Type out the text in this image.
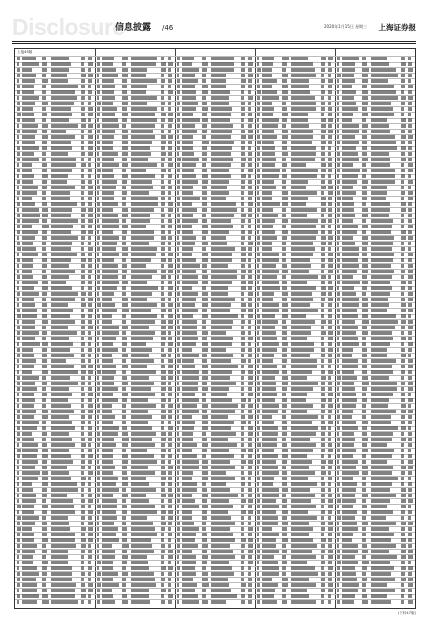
Disclosure
信息披露 /46	2020年1月15日 星期三 上海证券报
上接45版
(下转47版)
